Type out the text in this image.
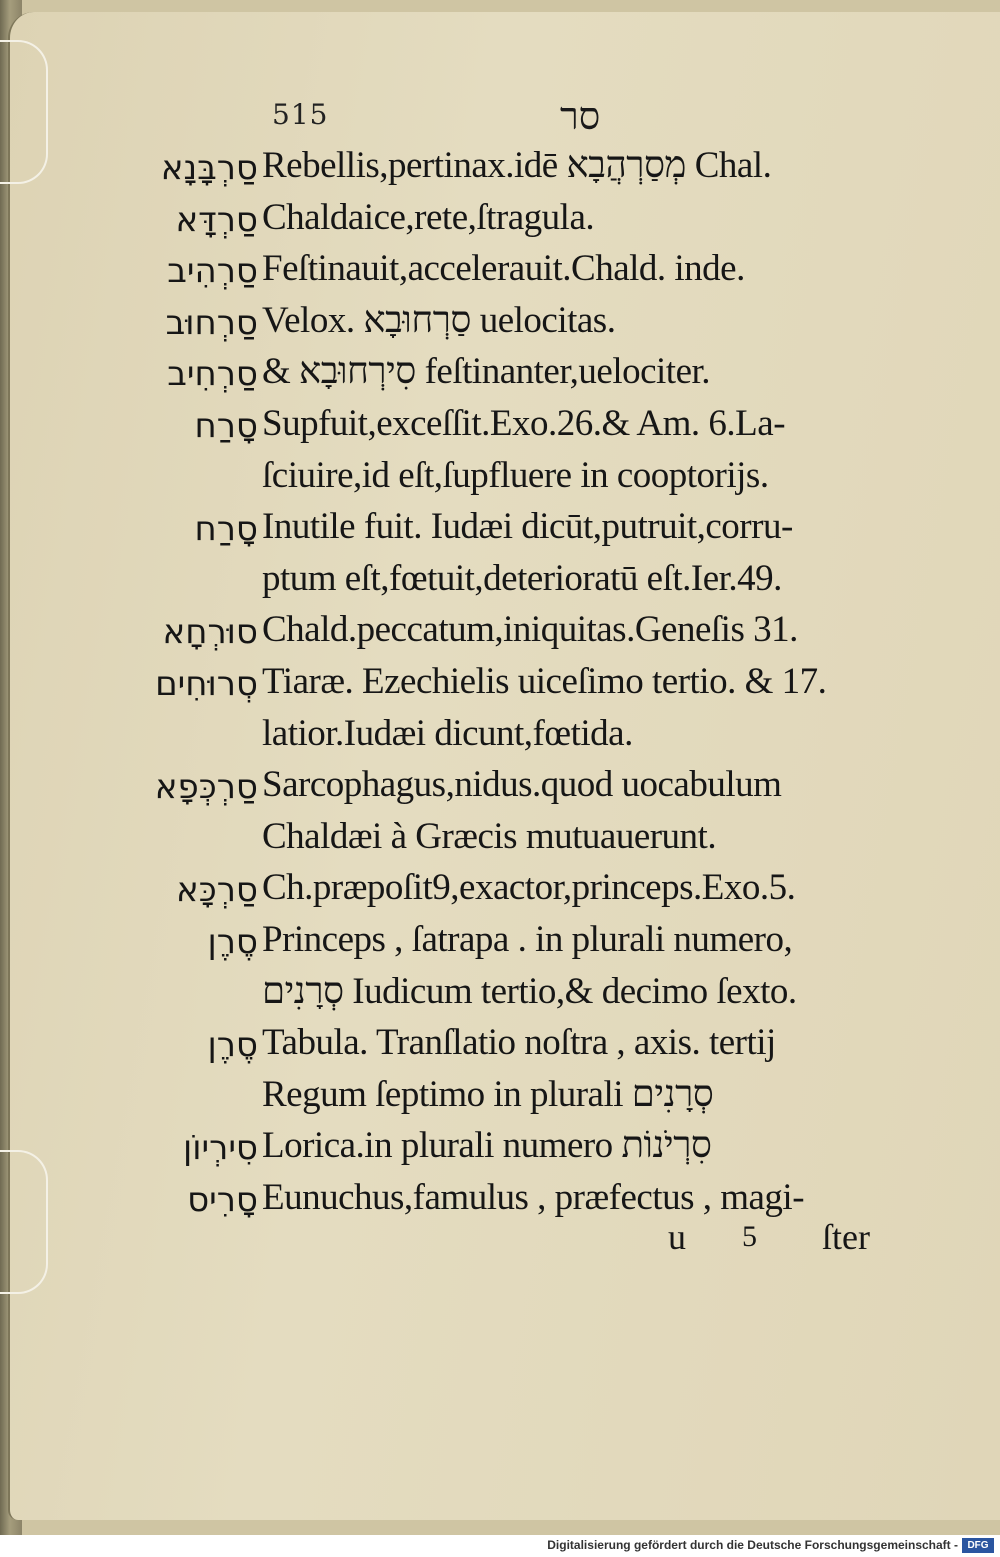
515	סר
סַרְבָּנָא Rebellis,pertinax.idē מְסַרְהֲבָא Chal.
סַרְדָּא Chaldaice,rete,ſtragula.
סַרְהִיב Feſtinauit,accelerauit.Chald. inde.
סַרְחוּב Velox. סַרְחוּבָא uelocitas.
סַרְחִיב & סִירְחוּבָא feſtinanter,uelociter.
סָרַח Supfuit,exceſſit.Exo.26.& Am. 6.La-
ſciuire,id eſt,ſupfluere in cooptorijs.
סָרַח Inutile fuit. Iudæi dicūt,putruit,corru-
ptum eſt,fœtuit,deterioratū eſt.Ier.49.
סוּרְחָא Chald.peccatum,iniquitas.Geneſis 31.
סְרוּחִים Tiaræ. Ezechielis uiceſimo tertio. & 17.
latior.Iudæi dicunt,fœtida.
סַרְכְּפָא Sarcophagus,nidus.quod uocabulum
Chaldæi à Græcis mutuauerunt.
סַרְכָּא Ch.præpoſit9,exactor,princeps.Exo.5.
סֶרֶן Princeps , ſatrapa . in plurali numero,
סְרָנִים Iudicum tertio,& decimo ſexto.
סֶרֶן Tabula. Tranſlatio noſtra , axis. tertij
Regum ſeptimo in plurali סְרָנִים
סִירְיוֹן Lorica.in plurali numero סִרְיֹנוֹת
סָרִיס Eunuchus,famulus , præfectus , magi-
u 5 ſter
Digitalisierung gefördert durch die Deutsche Forschungsgemeinschaft - DFG
